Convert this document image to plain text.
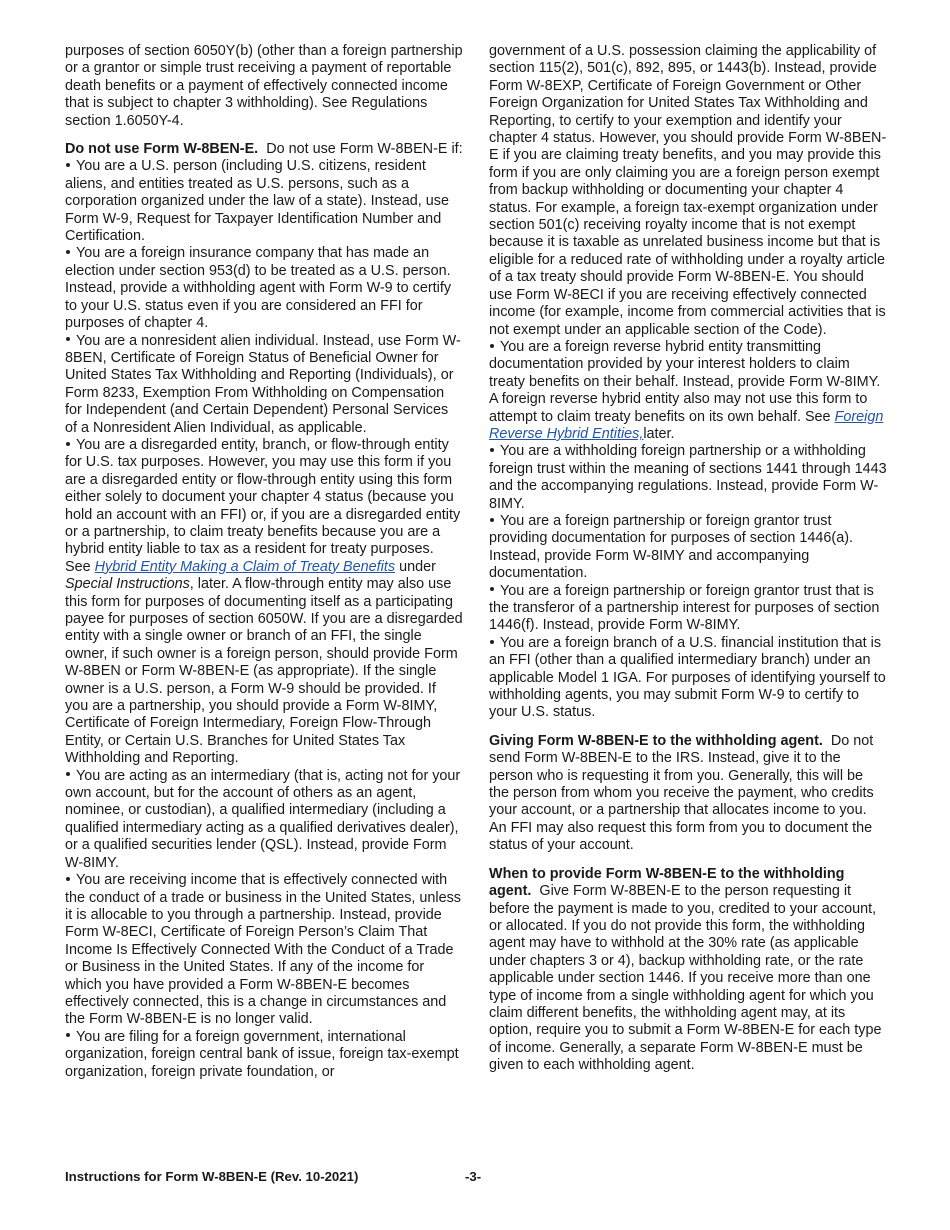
purposes of section 6050Y(b) (other than a foreign partnership or a grantor or simple trust receiving a payment of reportable death benefits or a payment of effectively connected income that is subject to chapter 3 withholding). See Regulations section 1.6050Y-4.

Do not use Form W-8BEN-E. Do not use Form W-8BEN-E if:

You are a U.S. person (including U.S. citizens, resident aliens, and entities treated as U.S. persons, such as a corporation organized under the law of a state). Instead, use Form W-9, Request for Taxpayer Identification Number and Certification.

You are a foreign insurance company that has made an election under section 953(d) to be treated as a U.S. person. Instead, provide a withholding agent with Form W-9 to certify to your U.S. status even if you are considered an FFI for purposes of chapter 4.

You are a nonresident alien individual. Instead, use Form W-8BEN, Certificate of Foreign Status of Beneficial Owner for United States Tax Withholding and Reporting (Individuals), or Form 8233, Exemption From Withholding on Compensation for Independent (and Certain Dependent) Personal Services of a Nonresident Alien Individual, as applicable.

You are a disregarded entity, branch, or flow-through entity for U.S. tax purposes. However, you may use this form if you are a disregarded entity or flow-through entity using this form either solely to document your chapter 4 status (because you hold an account with an FFI) or, if you are a disregarded entity or a partnership, to claim treaty benefits because you are a hybrid entity liable to tax as a resident for treaty purposes. See Hybrid Entity Making a Claim of Treaty Benefits under Special Instructions, later. A flow-through entity may also use this form for purposes of documenting itself as a participating payee for purposes of section 6050W. If you are a disregarded entity with a single owner or branch of an FFI, the single owner, if such owner is a foreign person, should provide Form W-8BEN or Form W-8BEN-E (as appropriate). If the single owner is a U.S. person, a Form W-9 should be provided. If you are a partnership, you should provide a Form W-8IMY, Certificate of Foreign Intermediary, Foreign Flow-Through Entity, or Certain U.S. Branches for United States Tax Withholding and Reporting.

You are acting as an intermediary (that is, acting not for your own account, but for the account of others as an agent, nominee, or custodian), a qualified intermediary (including a qualified intermediary acting as a qualified derivatives dealer), or a qualified securities lender (QSL). Instead, provide Form W-8IMY.

You are receiving income that is effectively connected with the conduct of a trade or business in the United States, unless it is allocable to you through a partnership. Instead, provide Form W-8ECI, Certificate of Foreign Person’s Claim That Income Is Effectively Connected With the Conduct of a Trade or Business in the United States. If any of the income for which you have provided a Form W-8BEN-E becomes effectively connected, this is a change in circumstances and the Form W-8BEN-E is no longer valid.

You are filing for a foreign government, international organization, foreign central bank of issue, foreign tax-exempt organization, foreign private foundation, or

government of a U.S. possession claiming the applicability of section 115(2), 501(c), 892, 895, or 1443(b). Instead, provide Form W-8EXP, Certificate of Foreign Government or Other Foreign Organization for United States Tax Withholding and Reporting, to certify to your exemption and identify your chapter 4 status. However, you should provide Form W-8BEN-E if you are claiming treaty benefits, and you may provide this form if you are only claiming you are a foreign person exempt from backup withholding or documenting your chapter 4 status. For example, a foreign tax-exempt organization under section 501(c) receiving royalty income that is not exempt because it is taxable as unrelated business income but that is eligible for a reduced rate of withholding under a royalty article of a tax treaty should provide Form W-8BEN-E. You should use Form W-8ECI if you are receiving effectively connected income (for example, income from commercial activities that is not exempt under an applicable section of the Code).

You are a foreign reverse hybrid entity transmitting documentation provided by your interest holders to claim treaty benefits on their behalf. Instead, provide Form W-8IMY. A foreign reverse hybrid entity also may not use this form to attempt to claim treaty benefits on its own behalf. See Foreign Reverse Hybrid Entities,later.

You are a withholding foreign partnership or a withholding foreign trust within the meaning of sections 1441 through 1443 and the accompanying regulations. Instead, provide Form W-8IMY.

You are a foreign partnership or foreign grantor trust providing documentation for purposes of section 1446(a). Instead, provide Form W-8IMY and accompanying documentation.

You are a foreign partnership or foreign grantor trust that is the transferor of a partnership interest for purposes of section 1446(f). Instead, provide Form W-8IMY.

You are a foreign branch of a U.S. financial institution that is an FFI (other than a qualified intermediary branch) under an applicable Model 1 IGA. For purposes of identifying yourself to withholding agents, you may submit Form W-9 to certify to your U.S. status.

Giving Form W-8BEN-E to the withholding agent. Do not send Form W-8BEN-E to the IRS. Instead, give it to the person who is requesting it from you. Generally, this will be the person from whom you receive the payment, who credits your account, or a partnership that allocates income to you. An FFI may also request this form from you to document the status of your account.

When to provide Form W-8BEN-E to the withholding agent. Give Form W-8BEN-E to the person requesting it before the payment is made to you, credited to your account, or allocated. If you do not provide this form, the withholding agent may have to withhold at the 30% rate (as applicable under chapters 3 or 4), backup withholding rate, or the rate applicable under section 1446. If you receive more than one type of income from a single withholding agent for which you claim different benefits, the withholding agent may, at its option, require you to submit a Form W-8BEN-E for each type of income. Generally, a separate Form W-8BEN-E must be given to each withholding agent.

Instructions for Form W-8BEN-E (Rev. 10-2021)	-3-
